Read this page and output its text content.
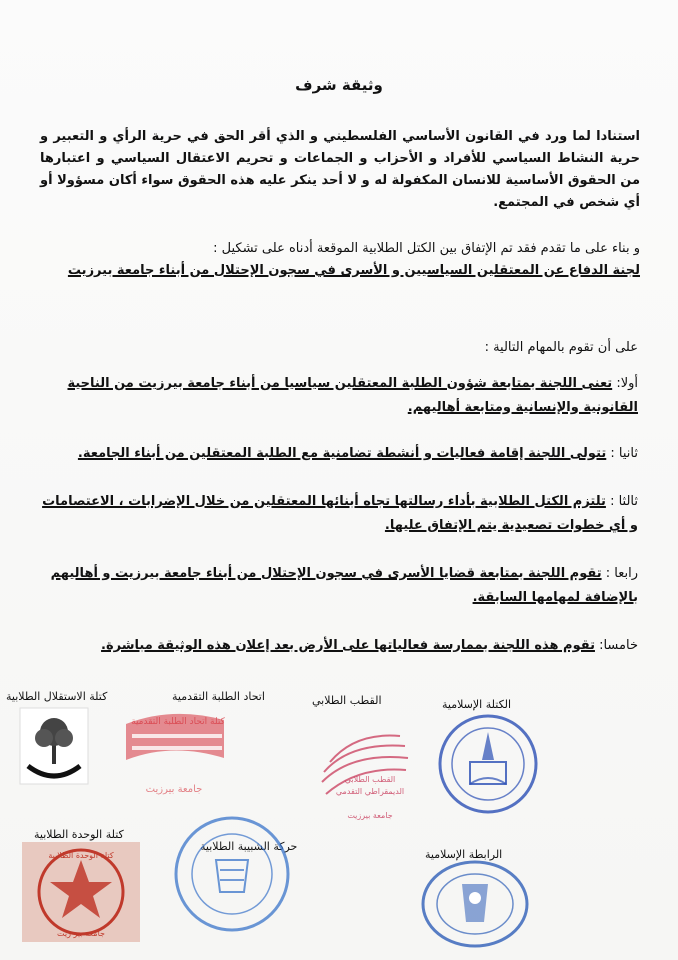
وثيقة شرف
استنادا لما ورد في القانون الأساسي الفلسطيني و الذي أقر الحق في حرية الرأي و التعبير و حرية النشاط السياسي للأفراد و الأحزاب و الجماعات و تحريم الاعتقال السياسي و اعتبارها من الحقوق الأساسية للانسان المكفولة له و لا أحد ينكر عليه هذه الحقوق سواء أكان مسؤولا أو أي شخص في المجتمع.
و بناء على ما تقدم فقد تم الإتفاق بين الكتل الطلابية الموقعة أدناه على تشكيل :
لجنة الدفاع عن المعتقلين السياسيين و الأسرى في سجون الإحتلال من أبناء جامعة بيرزيت
على أن تقوم بالمهام التالية :
أولا: تعنى اللجنة بمتابعة شؤون الطلبة المعتقلين سياسيا من أبناء جامعة بيرزيت من الناحية القانونية والإنسانية ومتابعة أهاليهم.
ثانيا : تتولى اللجنة إقامة فعاليات و أنشطة تضامنية مع الطلبة المعتقلين من أبناء الجامعة.
ثالثا : تلتزم الكتل الطلابية بأداء رسالتها تجاه أبنائها المعتقلين من خلال الإضرابات ، الاعتصامات و أي خطوات تصعيدية يتم الإتفاق عليها.
رابعا : تقوم اللجنة بمتابعة قضايا الأسرى في سجون الإحتلال من أبناء جامعة بيرزيت و أهاليهم بالإضافة لمهامها السابقة.
خامسا: تقوم هذه اللجنة بممارسة فعالياتها على الأرض بعد إعلان هذه الوثيقة مباشرة.
الكتلة الإسلامية
القطب الطلابي
اتحاد الطلبة التقدمية
كتلة الاستقلال الطلابية
كتلة الوحدة الطلابية
حركة الشبيبة الطلابية
الرابطة الإسلامية
القطب الطلابي
الديمقراطي التقدمي
جامعة بيرزيت
كتلة اتحاد الطلبة التقدمية
جامعة بيرزيت
كتلة الوحدة الطلابية
جامعة بير زيت
